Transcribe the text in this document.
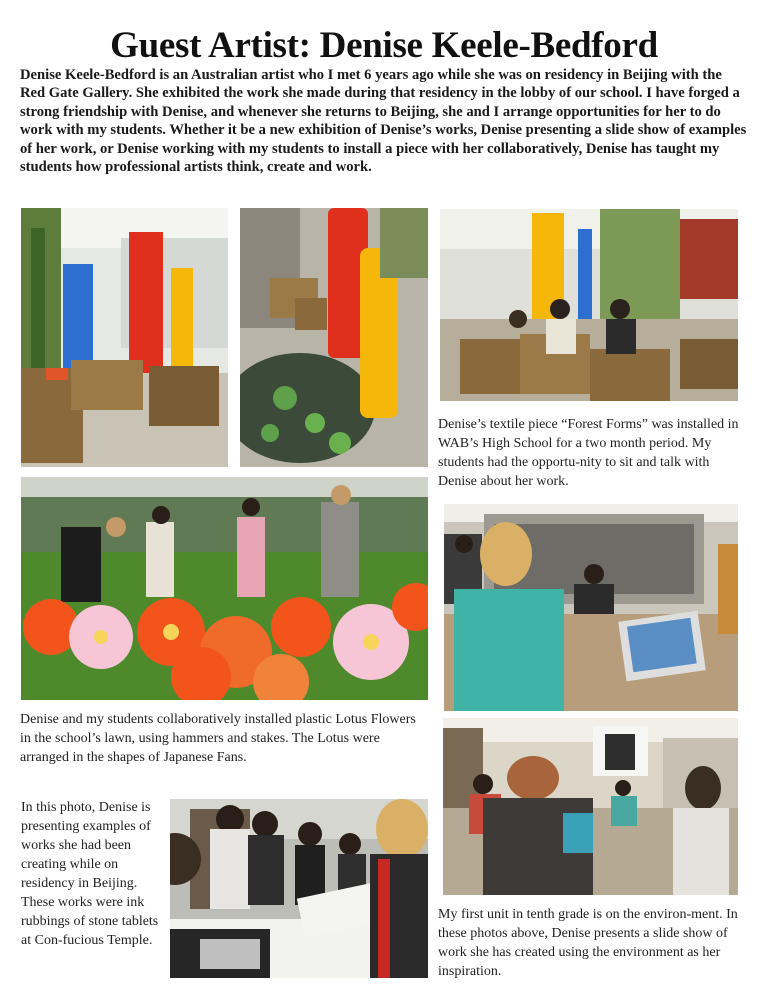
Guest Artist: Denise Keele-Bedford
Denise Keele-Bedford is an Australian artist who I met 6 years ago while she was on residency in Beijing with the Red Gate Gallery. She exhibited the work she made during that residency in the lobby of our school. I have forged a strong friendship with Denise, and whenever she returns to Beijing, she and I arrange opportunities for her to do work with my students. Whether it be a new exhibition of Denise’s works, Denise presenting a slide show of examples of her work, or Denise working with my students to install a piece with her collaboratively, Denise has taught my students how professional artists think, create and work.
Denise’s textile piece “Forest Forms” was installed in WAB’s High School for a two month period. My students had the opportu-nity to sit and talk with Denise about her work.
Denise and my students collaboratively installed plastic Lotus Flowers in the school’s lawn, using hammers and stakes. The Lotus were arranged in the shapes of Japanese Fans.
My first unit in tenth grade is on the environ-ment. In these photos above, Denise presents a slide show of work she has created using the environment as her inspiration.
In this photo, Denise is presenting examples of works she had been creating while on residency in Beijing. These works were ink rubbings of stone tablets at Con-fucious Temple.
